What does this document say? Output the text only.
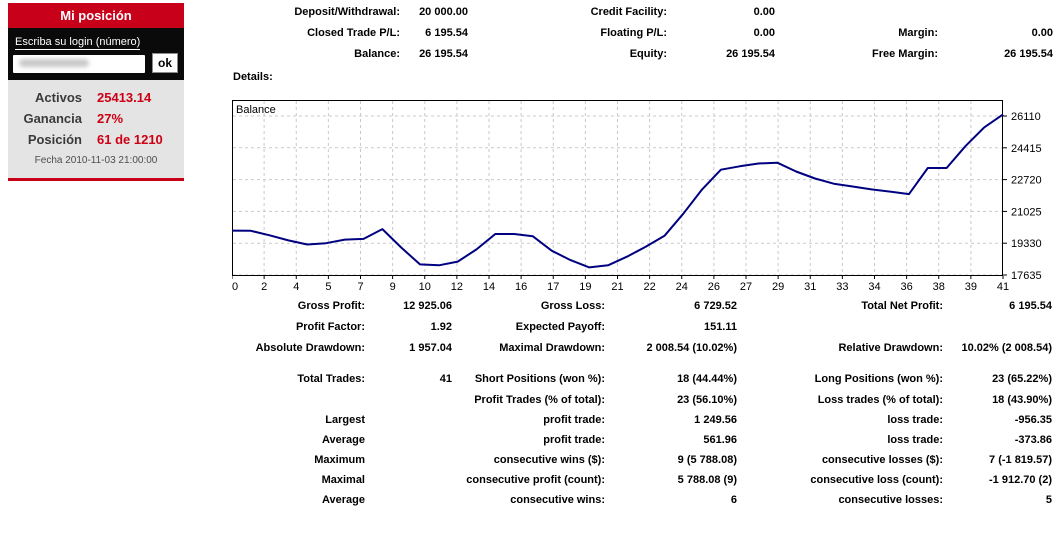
Mi posición
Escriba su login (número)
ok
Activos 25413.14
Ganancia 27%
Posición 61 de 1210
Fecha 2010-11-03 21:00:00
Deposit/Withdrawal:	20 000.00	Credit Facility:	0.00
Closed Trade P/L:	6 195.54	Floating P/L:	0.00	Margin:	0.00
Balance:	26 195.54	Equity:	26 195.54	Free Margin:	26 195.54
Details:
26110
24415
22720
21025
19330
17635
0 2 4 5 7 9 10 12 14 16 17 19 21 22 24 26 27 29 31 33 34 36 38 39 41
Balance
Gross Profit:	12 925.06	Gross Loss:	6 729.52	Total Net Profit:	6 195.54
Profit Factor:	1.92	Expected Payoff:	151.11
Absolute Drawdown:	1 957.04	Maximal Drawdown:	2 008.54 (10.02%)	Relative Drawdown:	10.02% (2 008.54)
Total Trades:	41	Short Positions (won %):	18 (44.44%)	Long Positions (won %):	23 (65.22%)
Profit Trades (% of total):	23 (56.10%)	Loss trades (% of total):	18 (43.90%)
Largest	profit trade:	1 249.56	loss trade:	-956.35
Average	profit trade:	561.96	loss trade:	-373.86
Maximum	consecutive wins ($):	9 (5 788.08)	consecutive losses ($):	7 (-1 819.57)
Maximal	consecutive profit (count):	5 788.08 (9)	consecutive loss (count):	-1 912.70 (2)
Average	consecutive wins:	6	consecutive losses:	5
